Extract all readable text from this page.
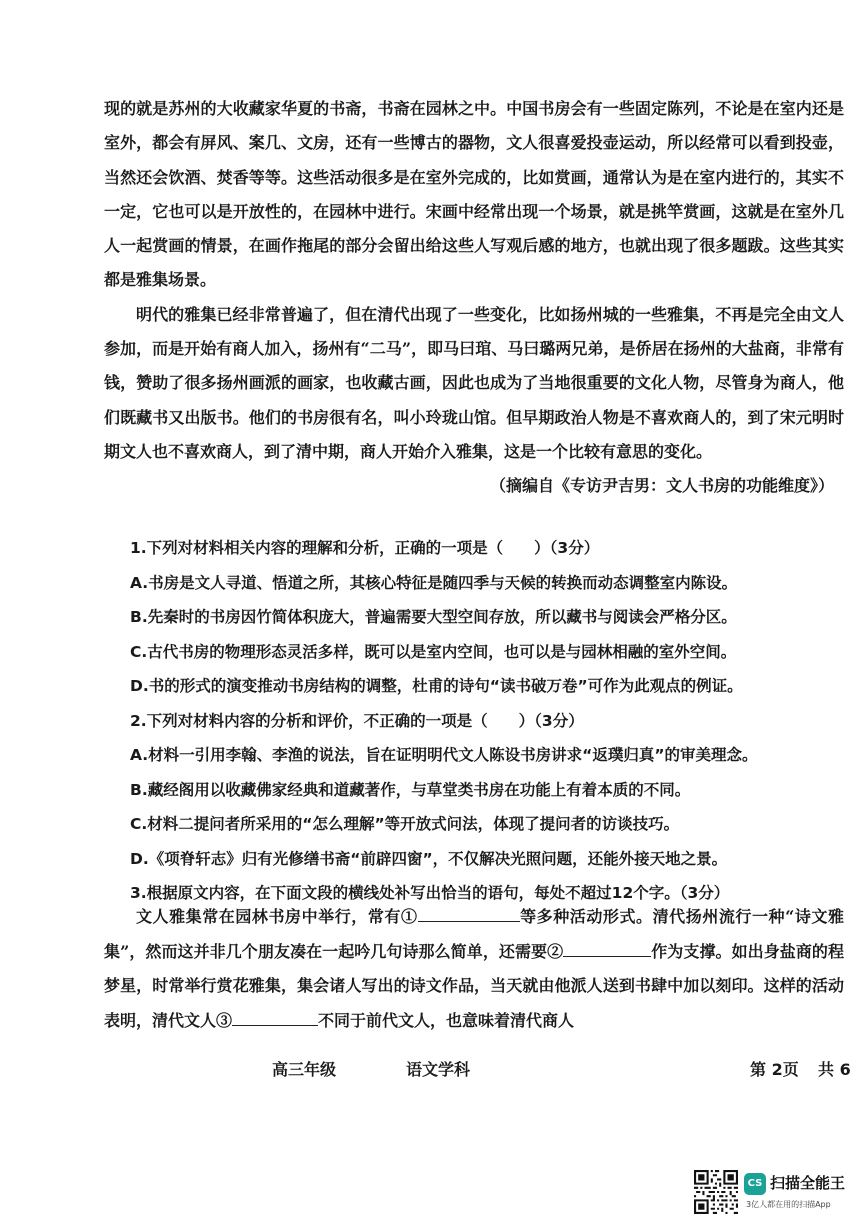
现的就是苏州的大收藏家华夏的书斋，书斋在园林之中。中国书房会有一些固定陈列，不论是在室内还是室外，都会有屏风、案几、文房，还有一些博古的器物，文人很喜爱投壶运动，所以经常可以看到投壶，当然还会饮酒、焚香等等。这些活动很多是在室外完成的，比如赏画，通常认为是在室内进行的，其实不一定，它也可以是开放性的，在园林中进行。宋画中经常出现一个场景，就是挑竿赏画，这就是在室外几人一起赏画的情景，在画作拖尾的部分会留出给这些人写观后感的地方，也就出现了很多题跋。这些其实都是雅集场景。

明代的雅集已经非常普遍了，但在清代出现了一些变化，比如扬州城的一些雅集，不再是完全由文人参加，而是开始有商人加入，扬州有“二马”，即马曰琯、马曰璐两兄弟，是侨居在扬州的大盐商，非常有钱，赞助了很多扬州画派的画家，也收藏古画，因此也成为了当地很重要的文化人物，尽管身为商人，他们既藏书又出版书。他们的书房很有名，叫小玲珑山馆。但早期政治人物是不喜欢商人的，到了宋元明时期文人也不喜欢商人，到了清中期，商人开始介入雅集，这是一个比较有意思的变化。

（摘编自《专访尹吉男：文人书房的功能维度》）

1.下列对材料相关内容的理解和分析，正确的一项是（　　）（3分）
A.书房是文人寻道、悟道之所，其核心特征是随四季与天候的转换而动态调整室内陈设。
B.先秦时的书房因竹简体积庞大，普遍需要大型空间存放，所以藏书与阅读会严格分区。
C.古代书房的物理形态灵活多样，既可以是室内空间，也可以是与园林相融的室外空间。
D.书的形式的演变推动书房结构的调整，杜甫的诗句“读书破万卷”可作为此观点的例证。
2.下列对材料内容的分析和评价，不正确的一项是（　　）（3分）
A.材料一引用李翰、李渔的说法，旨在证明明代文人陈设书房讲求“返璞归真”的审美理念。
B.藏经阁用以收藏佛家经典和道藏著作，与草堂类书房在功能上有着本质的不同。
C.材料二提问者所采用的“怎么理解”等开放式问法，体现了提问者的访谈技巧。
D.《项脊轩志》归有光修缮书斋“前辟四窗”，不仅解决光照问题，还能外接天地之景。
3.根据原文内容，在下面文段的横线处补写出恰当的语句，每处不超过12个字。（3分）

文人雅集常在园林书房中举行，常有①	等多种活动形式。清代扬州流行一种“诗文雅集”，然而这并非几个朋友凑在一起吟几句诗那么简单，还需要②	作为支撑。如出身盐商的程梦星，时常举行赏花雅集，集会诸人写出的诗文作品，当天就由他派人送到书肆中加以刻印。这样的活动表明，清代文人③	不同于前代文人，也意味着清代商人

高三年级	语文学科	第 2页 共 6
CS 扫描全能王
3亿人都在用的扫描App
